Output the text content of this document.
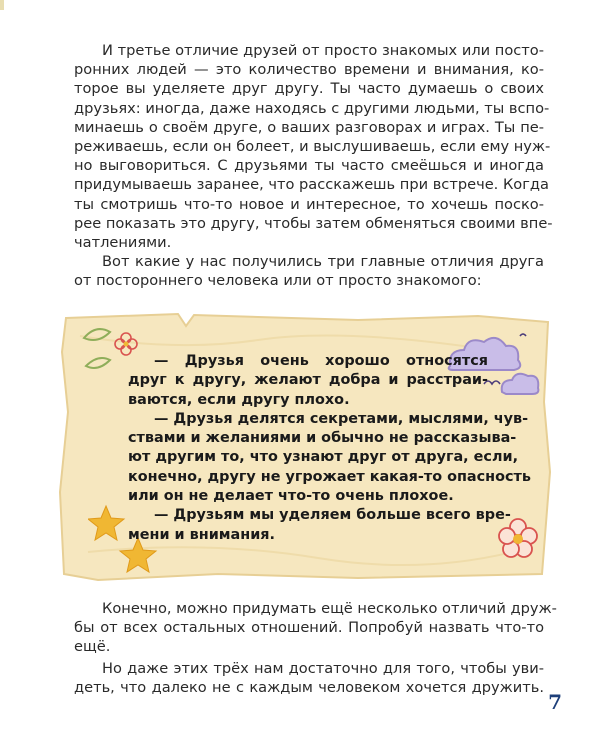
И третье отличие друзей от просто знакомых или посто-
ронних людей — это количество времени и внимания, ко-
торое вы уделяете друг другу. Ты часто думаешь о своих
друзьях: иногда, даже находясь с другими людьми, ты вспо-
минаешь о своём друге, о ваших разговорах и играх. Ты пе-
реживаешь, если он болеет, и выслушиваешь, если ему нуж-
но выговориться. С друзьями ты часто смеёшься и иногда
придумываешь заранее, что расскажешь при встрече. Когда
ты смотришь что-то новое и интересное, то хочешь поско-
рее показать это другу, чтобы затем обменяться своими впе-
чатлениями.
Вот какие у нас получились три главные отличия друга
от постороннего человека или от просто знакомого:
— Друзья очень хорошо относятся
друг к другу, желают добра и расстраи-
ваются, если другу плохо.
— Друзья делятся секретами, мыслями, чув-
ствами и желаниями и обычно не рассказыва-
ют другим то, что узнают друг от друга, если,
конечно, другу не угрожает какая-то опасность
или он не делает что-то очень плохое.
— Друзьям мы уделяем больше всего вре-
мени и внимания.
Конечно, можно придумать ещё несколько отличий друж-
бы от всех остальных отношений. Попробуй назвать что-то
ещё.
Но даже этих трёх нам достаточно для того, чтобы уви-
деть, что далеко не с каждым человеком хочется дружить.
7
